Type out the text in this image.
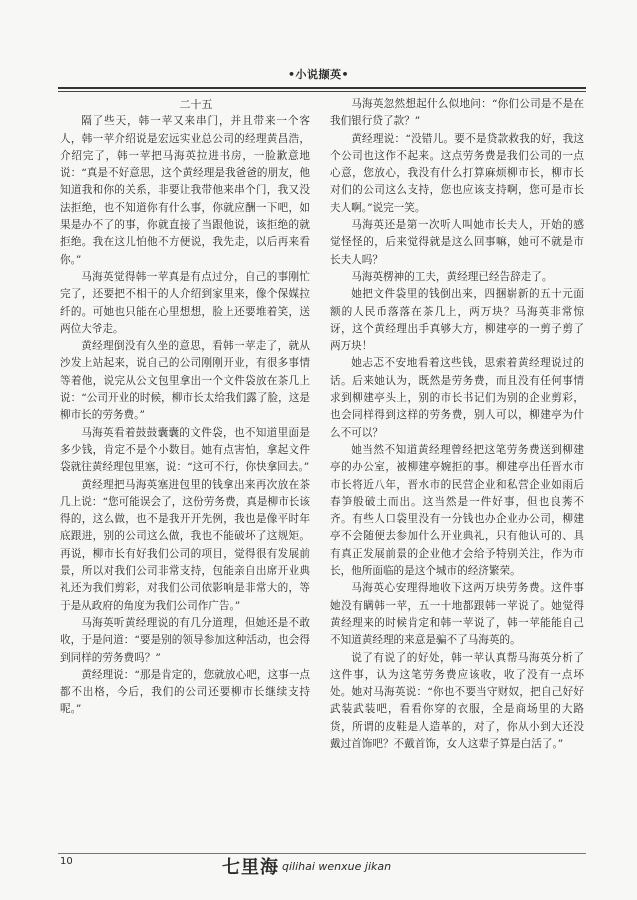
•小说撷英•

二十五

隔了些天，韩一苹又来串门，并且带来一个客人，韩一苹介绍说是宏远实业总公司的经理黄昌浩，介绍完了，韩一苹把马海英拉进书房，一脸歉意地说：“真是不好意思，这个黄经理是我爸爸的朋友，他知道我和你的关系，非要让我带他来串个门，我又没法拒绝，也不知道你有什么事，你就应酬一下吧，如果是办不了的事，你就直接了当跟他说，该拒绝的就拒绝。我在这儿怕他不方便说，我先走，以后再来看你。”

马海英觉得韩一苹真是有点过分，自己的事刚忙完了，还要把不相干的人介绍到家里来，像个保媒拉纤的。可她也只能在心里想想，脸上还要堆着笑，送两位大爷走。

黄经理倒没有久坐的意思，看韩一苹走了，就从沙发上站起来，说自己的公司刚刚开业，有很多事情等着他，说完从公文包里拿出一个文件袋放在茶几上说：“公司开业的时候，柳市长太给我们露了脸，这是柳市长的劳务费。”

马海英看着鼓鼓囊囊的文件袋，也不知道里面是多少钱，肯定不是个小数目。她有点害怕，拿起文件袋就往黄经理包里塞，说：“这可不行，你快拿回去。”

黄经理把马海英塞进包里的钱拿出来再次放在茶几上说：“您可能误会了，这份劳务费，真是柳市长该得的，这么做，也不是我开开先例，我也是像平时年底跟进，别的公司这么做，我也不能破坏了这规矩。再说，柳市长有好我们公司的项目，觉得很有发展前景，所以对我们公司非常支持，包能亲自出席开业典礼还为我们剪彩，对我们公司依影响是非常大的，等于是从政府的角度为我们公司作广告。”

马海英听黄经理说的有几分道理，但她还是不敢收，于是问道：“要是别的领导参加这种活动，也会得到同样的劳务费吗？”

黄经理说：“那是肯定的，您就放心吧，这事一点都不出格，今后，我们的公司还要柳市长继续支持呢。”

马海英忽然想起什么似地问：“你们公司是不是在我们银行贷了款？”

黄经理说：“没错儿。要不是贷款救我的好，我这个公司也这作不起来。这点劳务费是我们公司的一点心意，您放心，我没有什么打算麻烦柳市长，柳市长对们的公司这么支持，您也应该支持啊，您可是市长夫人啊。”说完一笑。

马海英还是第一次听人叫她市长夫人，开始的感觉怪怪的，后来觉得就是这么回事嘛，她可不就是市长夫人吗？

马海英楞神的工夫，黄经理已经告辞走了。

她把文件袋里的钱倒出来，四捆崭新的五十元面额的人民币落落在茶几上，两万块？马海英非常惊讶，这个黄经理出手真够大方，柳建亭的一剪子剪了两万块！

她忐忑不安地看着这些钱，思索着黄经理说过的话。后来她认为，既然是劳务费，而且没有任何事情求到柳建亭头上，别的市长书记们为别的企业剪彩，也会同样得到这样的劳务费，别人可以，柳建亭为什么不可以？

她当然不知道黄经理曾经把这笔劳务费送到柳建亭的办公室，被柳建亭婉拒的事。柳建亭出任晋水市市长将近八年，晋水市的民营企业和私营企业如雨后春笋般破土而出。这当然是一件好事，但也良莠不齐。有些人口袋里没有一分钱也办企业办公司，柳建亭不会随便去参加什么开业典礼，只有他认可的、具有真正发展前景的企业他才会给予特别关注，作为市长，他所面临的是这个城市的经济繁荣。

马海英心安理得地收下这两万块劳务费。这件事她没有瞒韩一苹，五一十地都跟韩一苹说了。她觉得黄经理来的时候肯定和韩一苹说了，韩一苹能能自己不知道黄经理的来意是骗不了马海英的。

说了有说了的好处，韩一苹认真帮马海英分析了这件事，认为这笔劳务费应该收，收了没有一点坏处。她对马海英说：“你也不要当守财奴，把自己好好武装武装吧，看看你穿的衣服，全是商场里的大路货，所谓的皮鞋是人造革的，对了，你从小到大还没戴过首饰吧？不戴首饰，女人这辈子算是白活了。”

10	七里海 qilihai wenxue jikan
